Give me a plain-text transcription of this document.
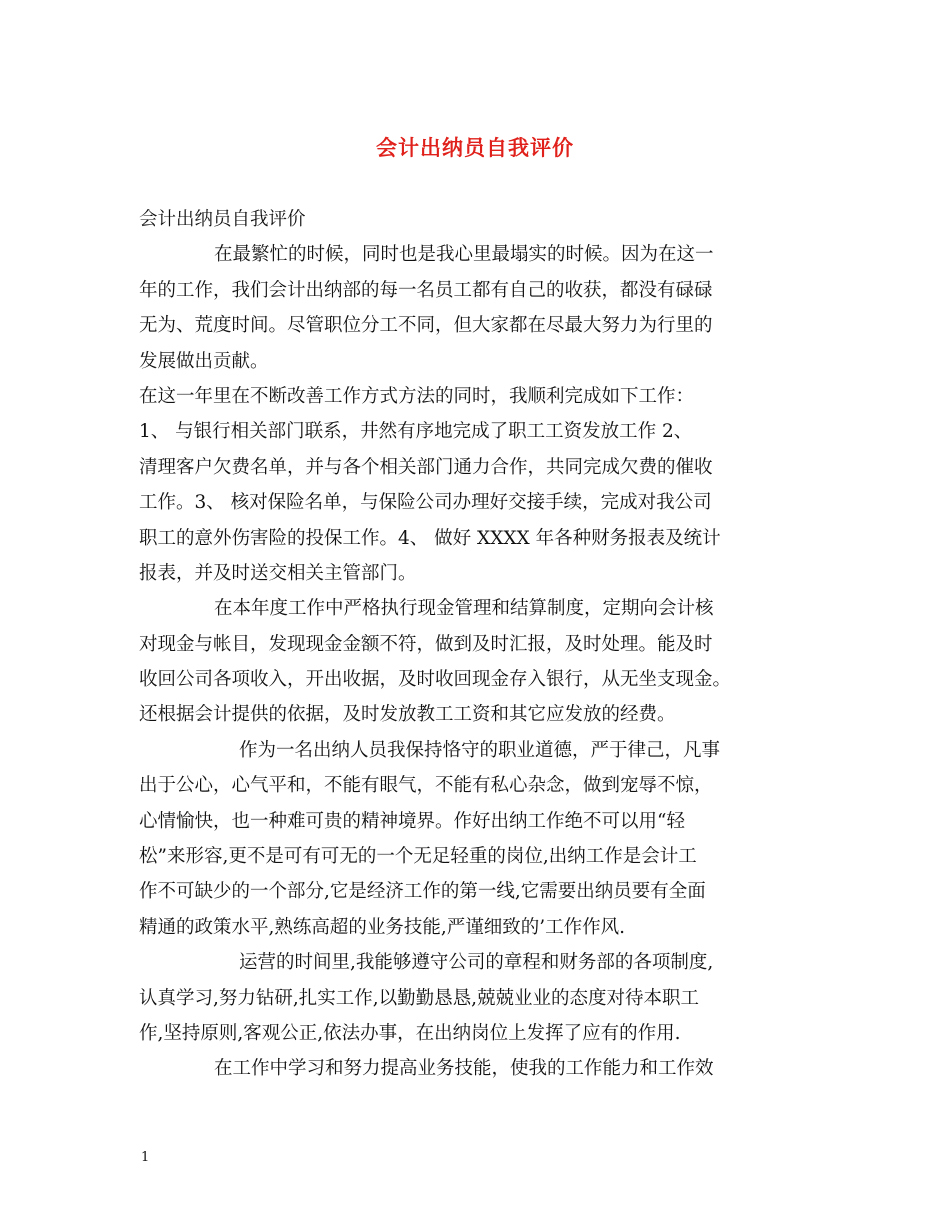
会计出纳员自我评价
会计出纳员自我评价
在最繁忙的时候，同时也是我心里最塌实的时候。因为在这一
年的工作，我们会计出纳部的每一名员工都有自己的收获，都没有碌碌
无为、荒度时间。尽管职位分工不同，但大家都在尽最大努力为行里的
发展做出贡献。
在这一年里在不断改善工作方式方法的同时，我顺利完成如下工作：
1、 与银行相关部门联系，井然有序地完成了职工工资发放工作 2、
清理客户欠费名单，并与各个相关部门通力合作，共同完成欠费的催收
工作。3、 核对保险名单，与保险公司办理好交接手续，完成对我公司
职工的意外伤害险的投保工作。4、 做好 XXXX 年各种财务报表及统计
报表，并及时送交相关主管部门。
在本年度工作中严格执行现金管理和结算制度，定期向会计核
对现金与帐目，发现现金金额不符，做到及时汇报，及时处理。能及时
收回公司各项收入，开出收据，及时收回现金存入银行，从无坐支现金。
还根据会计提供的依据，及时发放教工工资和其它应发放的经费。
作为一名出纳人员我保持恪守的职业道德，严于律己，凡事
出于公心，心气平和，不能有眼气，不能有私心杂念，做到宠辱不惊，
心情愉快，也一种难可贵的精神境界。作好出纳工作绝不可以用“轻
松”来形容,更不是可有可无的一个无足轻重的岗位,出纳工作是会计工
作不可缺少的一个部分,它是经济工作的第一线,它需要出纳员要有全面
精通的政策水平,熟练高超的业务技能,严谨细致的’工作作风.
运营的时间里,我能够遵守公司的章程和财务部的各项制度,
认真学习,努力钻研,扎实工作,以勤勤恳恳,兢兢业业的态度对待本职工
作,坚持原则,客观公正,依法办事，在出纳岗位上发挥了应有的作用.
在工作中学习和努力提高业务技能，使我的工作能力和工作效
1
